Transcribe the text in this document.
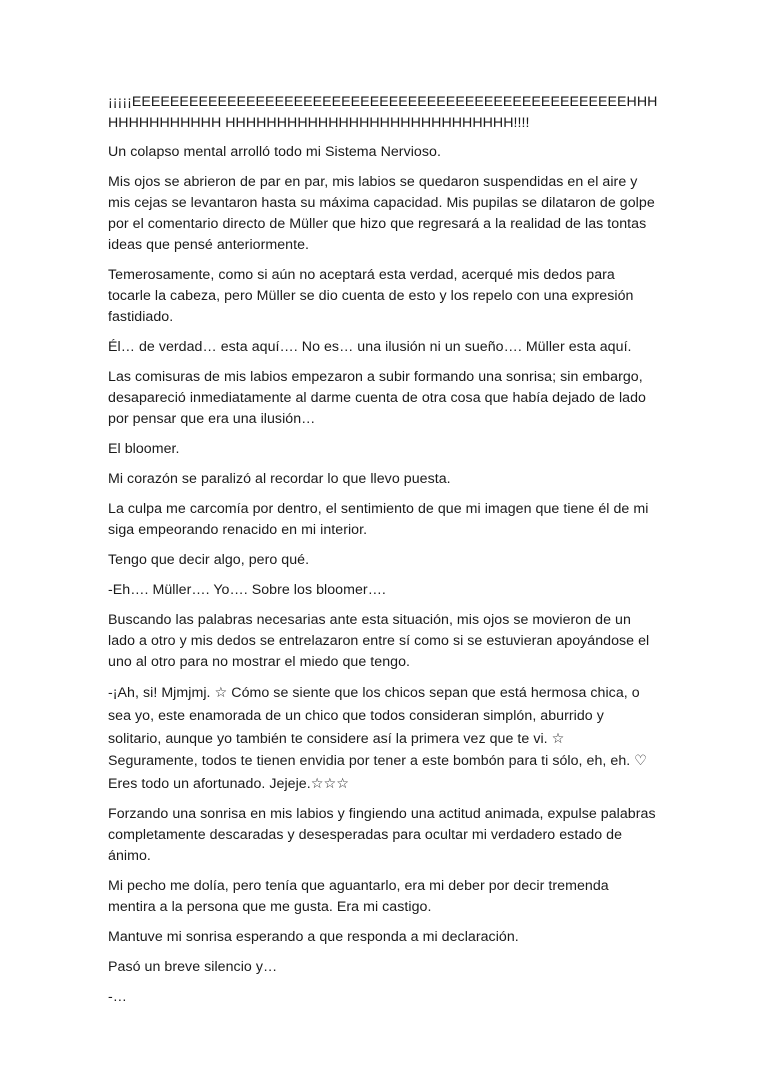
¡¡¡¡¡EEEEEEEEEEEEEEEEEEEEEEEEEEEEEEEEEEEEEEEEEEEEEEEEEEEEHHHHHHHHHHHHHH HHHHHHHHHHHHHHHHHHHHHHHHHHHH!!!!

Un colapso mental arrolló todo mi Sistema Nervioso.

Mis ojos se abrieron de par en par, mis labios se quedaron suspendidas en el aire y mis cejas se levantaron hasta su máxima capacidad. Mis pupilas se dilataron de golpe por el comentario directo de Müller que hizo que regresará a la realidad de las tontas ideas que pensé anteriormente.

Temerosamente, como si aún no aceptará esta verdad, acerqué mis dedos para tocarle la cabeza, pero Müller se dio cuenta de esto y los repelo con una expresión fastidiado.

Él… de verdad… esta aquí…. No es… una ilusión ni un sueño…. Müller esta aquí.

Las comisuras de mis labios empezaron a subir formando una sonrisa; sin embargo, desapareció inmediatamente al darme cuenta de otra cosa que había dejado de lado por pensar que era una ilusión…

El bloomer.

Mi corazón se paralizó al recordar lo que llevo puesta.

La culpa me carcomía por dentro, el sentimiento de que mi imagen que tiene él de mi siga empeorando renacido en mi interior.

Tengo que decir algo, pero qué.

-Eh…. Müller…. Yo…. Sobre los bloomer….

Buscando las palabras necesarias ante esta situación, mis ojos se movieron de un lado a otro y mis dedos se entrelazaron entre sí como si se estuvieran apoyándose el uno al otro para no mostrar el miedo que tengo.

-¡Ah, si! Mjmjmj. ☆ Cómo se siente que los chicos sepan que está hermosa chica, o sea yo, este enamorada de un chico que todos consideran simplón, aburrido y solitario, aunque yo también te considere así la primera vez que te vi. ☆ Seguramente, todos te tienen envidia por tener a este bombón para ti sólo, eh, eh. ♡ Eres todo un afortunado. Jejeje.☆☆☆

Forzando una sonrisa en mis labios y fingiendo una actitud animada, expulse palabras completamente descaradas y desesperadas para ocultar mi verdadero estado de ánimo.

Mi pecho me dolía, pero tenía que aguantarlo, era mi deber por decir tremenda mentira a la persona que me gusta. Era mi castigo.

Mantuve mi sonrisa esperando a que responda a mi declaración.

Pasó un breve silencio y…

-…
